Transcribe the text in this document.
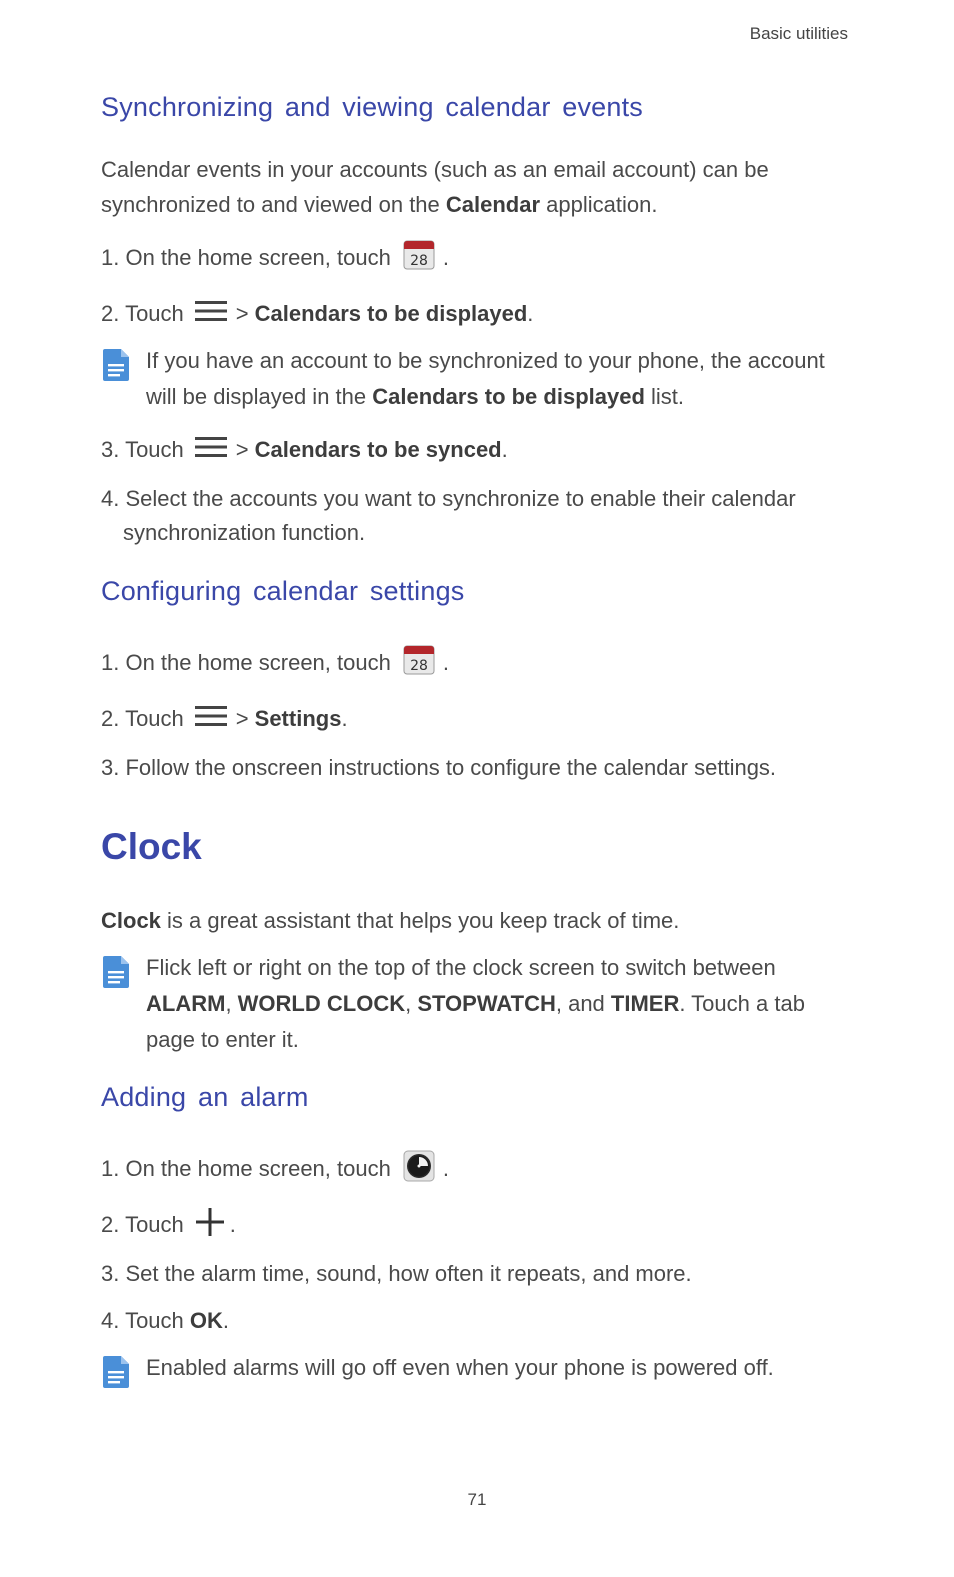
Basic utilities
Synchronizing and viewing calendar events
Calendar events in your accounts (such as an email account) can be
synchronized to and viewed on the Calendar application.
1. On the home screen, touch 28 .
2. Touch > Calendars to be displayed .
If you have an account to be synchronized to your phone, the account
will be displayed in the Calendars to be displayed list.
3. Touch > Calendars to be synced .
4. Select the accounts you want to synchronize to enable their calendar
synchronization function.
Configuring calendar settings
1. On the home screen, touch 28 .
2. Touch > Settings .
3. Follow the onscreen instructions to configure the calendar settings.
Clock
Clock is a great assistant that helps you keep track of time.
Flick left or right on the top of the clock screen to switch between
ALARM, WORLD CLOCK, STOPWATCH, and TIMER. Touch a tab
page to enter it.
Adding an alarm
1. On the home screen, touch .
2. Touch .
3. Set the alarm time, sound, how often it repeats, and more.
4. Touch OK.
Enabled alarms will go off even when your phone is powered off.
71
